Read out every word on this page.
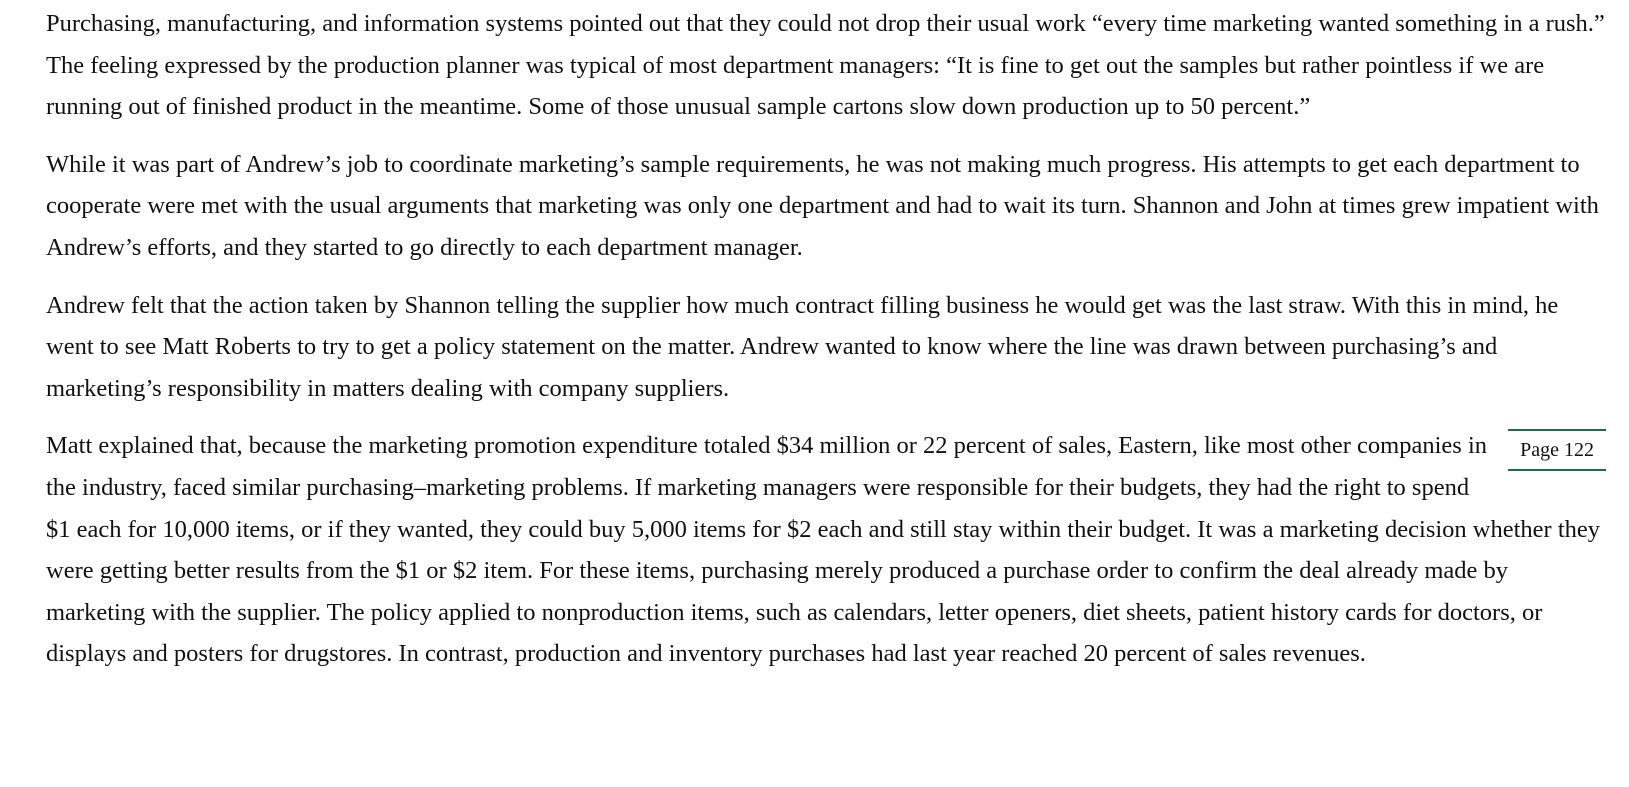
Purchasing, manufacturing, and information systems pointed out that they could not drop their usual work “every time marketing wanted something in a rush.” The feeling expressed by the production planner was typical of most department managers: “It is fine to get out the samples but rather pointless if we are running out of finished product in the meantime. Some of those unusual sample cartons slow down production up to 50 percent.”

While it was part of Andrew’s job to coordinate marketing’s sample requirements, he was not making much progress. His attempts to get each department to cooperate were met with the usual arguments that marketing was only one department and had to wait its turn. Shannon and John at times grew impatient with Andrew’s efforts, and they started to go directly to each department manager.

Andrew felt that the action taken by Shannon telling the supplier how much contract filling business he would get was the last straw. With this in mind, he went to see Matt Roberts to try to get a policy statement on the matter. Andrew wanted to know where the line was drawn between purchasing’s and marketing’s responsibility in matters dealing with company suppliers.

Page 122
Matt explained that, because the marketing promotion expenditure totaled $34 million or 22 percent of sales, Eastern, like most other companies in the industry, faced similar purchasing–marketing problems. If marketing managers were responsible for their budgets, they had the right to spend $1 each for 10,000 items, or if they wanted, they could buy 5,000 items for $2 each and still stay within their budget. It was a marketing decision whether they were getting better results from the $1 or $2 item. For these items, purchasing merely produced a purchase order to confirm the deal already made by marketing with the supplier. The policy applied to nonproduction items, such as calendars, letter openers, diet sheets, patient history cards for doctors, or displays and posters for drugstores. In contrast, production and inventory purchases had last year reached 20 percent of sales revenues.
